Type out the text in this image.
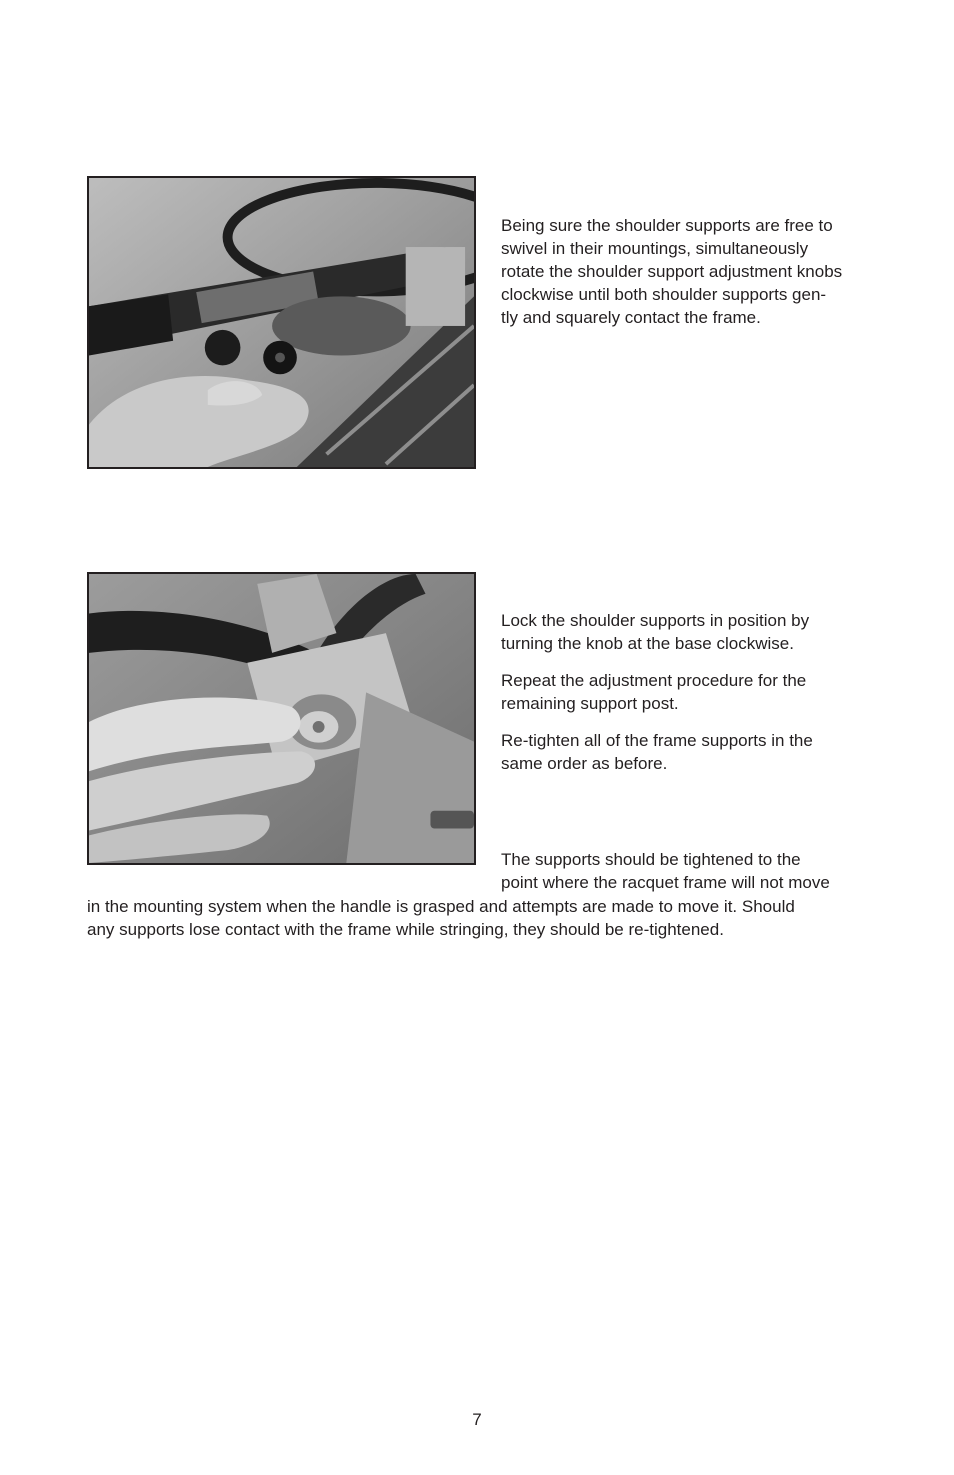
Being sure the shoulder supports are free to
swivel in their mountings, simultaneously
rotate the shoulder support adjustment knobs
clockwise until both shoulder supports gen-
tly and squarely contact the frame.
Lock the shoulder supports in position by
turning the knob at the base clockwise.
Repeat the adjustment procedure for the
remaining support post.
Re-tighten all of the frame supports in the
same order as before.
The supports should be tightened to the
point where the racquet frame will not move
in the mounting system when the handle is grasped and attempts are made to move it. Should
any supports lose contact with the frame while stringing, they should be re-tightened.

7
